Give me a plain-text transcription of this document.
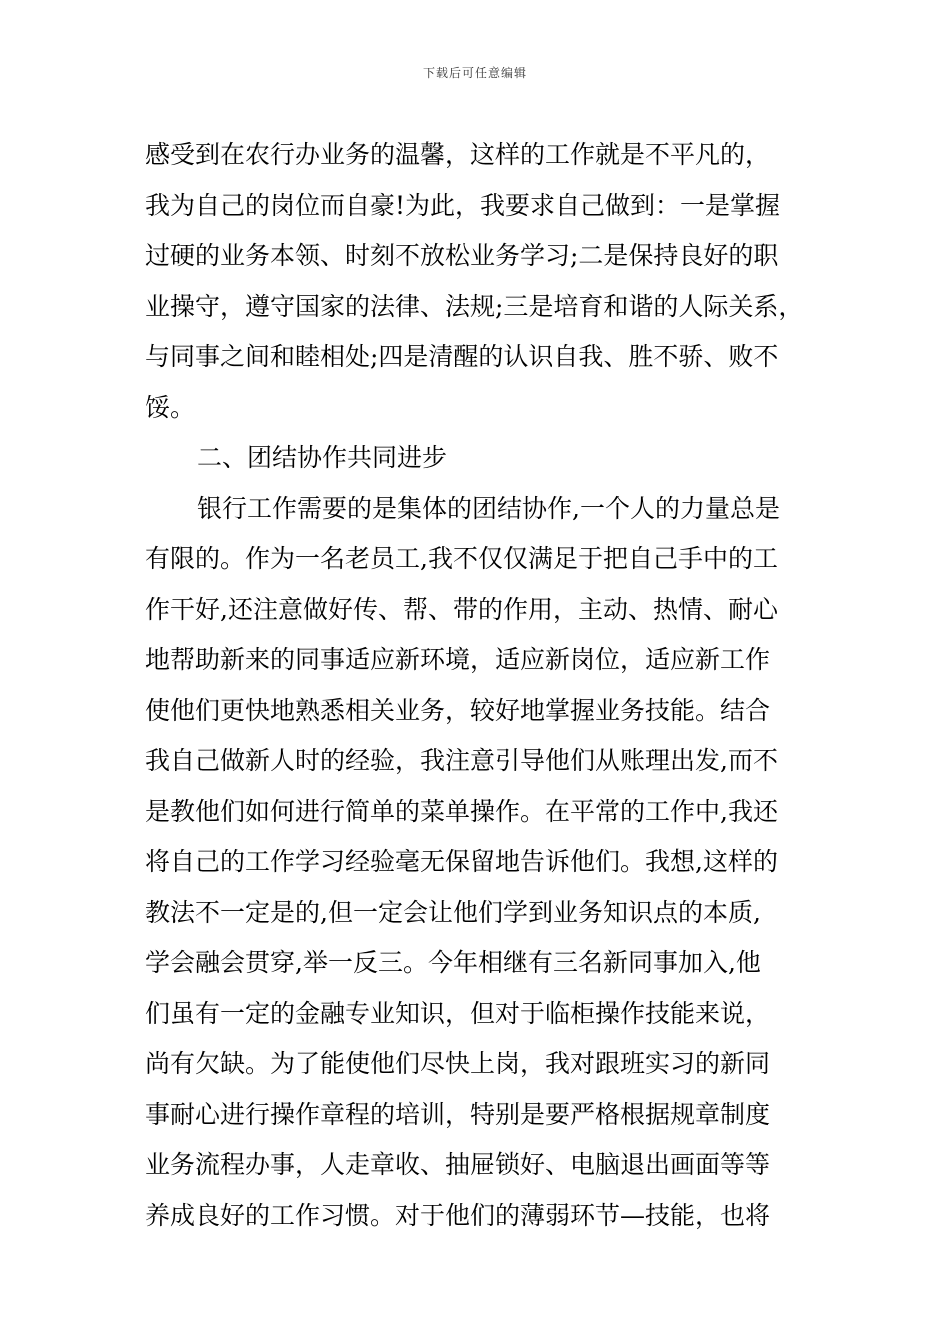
下载后可任意编辑
感受到在农行办业务的温馨，这样的工作就是不平凡的，
我为自己的岗位而自豪!为此，我要求自己做到：一是掌握
过硬的业务本领、时刻不放松业务学习;二是保持良好的职
业操守，遵守国家的法律、法规;三是培育和谐的人际关系，
与同事之间和睦相处;四是清醒的认识自我、胜不骄、败不
馁。
二、团结协作共同进步
银行工作需要的是集体的团结协作,一个人的力量总是
有限的。作为一名老员工,我不仅仅满足于把自己手中的工
作干好,还注意做好传、帮、带的作用，主动、热情、耐心
地帮助新来的同事适应新环境，适应新岗位，适应新工作
使他们更快地熟悉相关业务，较好地掌握业务技能。结合
我自己做新人时的经验，我注意引导他们从账理出发,而不
是教他们如何进行简单的菜单操作。在平常的工作中,我还
将自己的工作学习经验毫无保留地告诉他们。我想,这样的
教法不一定是的,但一定会让他们学到业务知识点的本质,
学会融会贯穿,举一反三。今年相继有三名新同事加入,他
们虽有一定的金融专业知识，但对于临柜操作技能来说，
尚有欠缺。为了能使他们尽快上岗，我对跟班实习的新同
事耐心进行操作章程的培训，特别是要严格根据规章制度
业务流程办事，人走章收、抽屉锁好、电脑退出画面等等
养成良好的工作习惯。对于他们的薄弱环节—技能，也将
